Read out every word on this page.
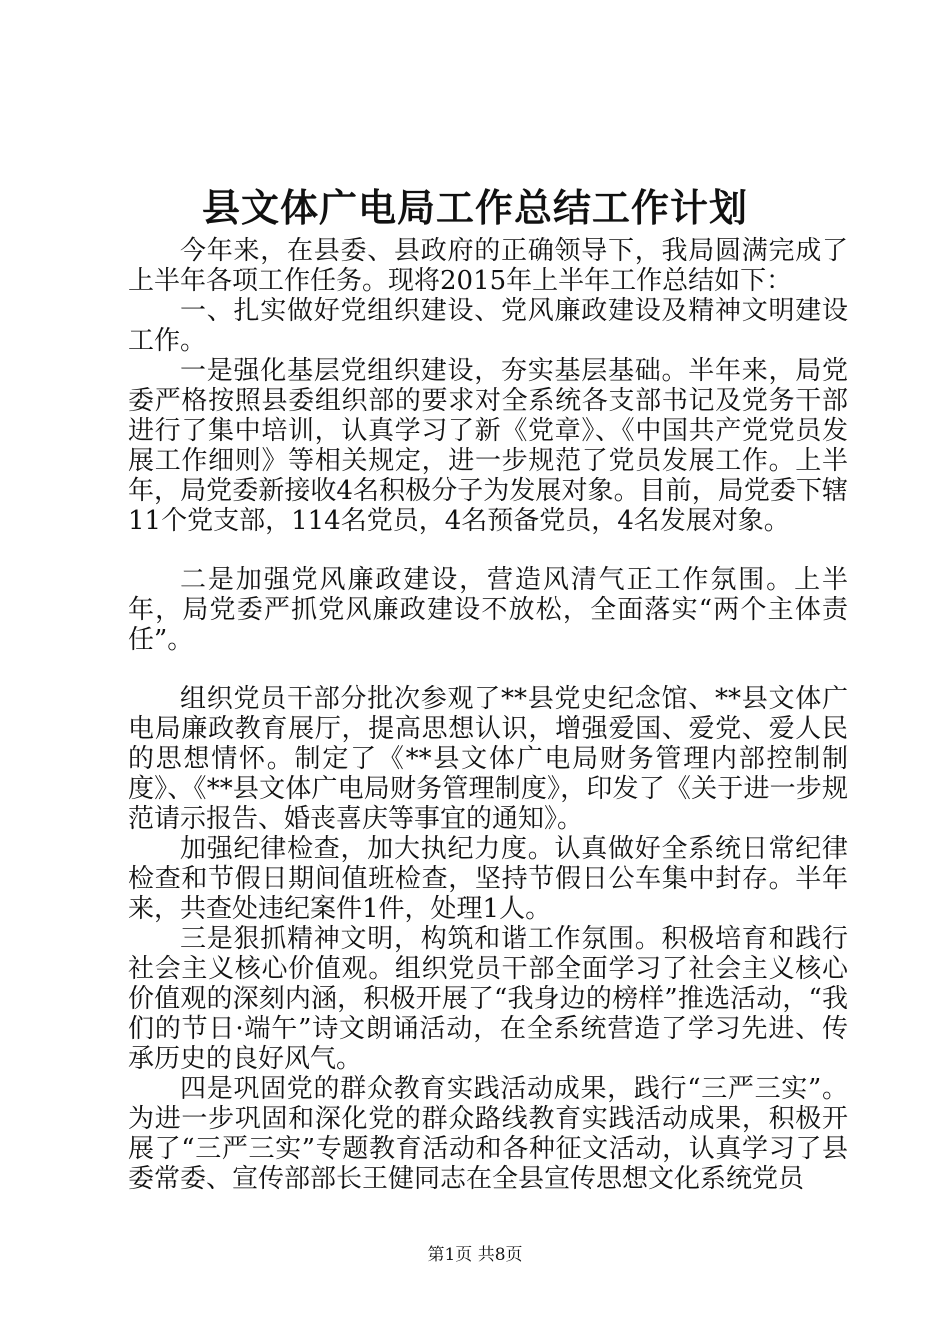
县文体广电局工作总结工作计划

今年来，在县委、县政府的正确领导下，我局圆满完成了上半年各项工作任务。现将2015年上半年工作总结如下：

一、扎实做好党组织建设、党风廉政建设及精神文明建设工作。

一是强化基层党组织建设，夯实基层基础。半年来，局党委严格按照县委组织部的要求对全系统各支部书记及党务干部进行了集中培训，认真学习了新《党章》、《中国共产党党员发展工作细则》等相关规定，进一步规范了党员发展工作。上半年，局党委新接收4名积极分子为发展对象。目前，局党委下辖11个党支部，114名党员，4名预备党员，4名发展对象。

二是加强党风廉政建设，营造风清气正工作氛围。上半年，局党委严抓党风廉政建设不放松，全面落实“两个主体责任”。

组织党员干部分批次参观了**县党史纪念馆、**县文体广电局廉政教育展厅，提高思想认识，增强爱国、爱党、爱人民的思想情怀。制定了《**县文体广电局财务管理内部控制制度》、《**县文体广电局财务管理制度》，印发了《关于进一步规范请示报告、婚丧喜庆等事宜的通知》。

加强纪律检查，加大执纪力度。认真做好全系统日常纪律检查和节假日期间值班检查，坚持节假日公车集中封存。半年来，共查处违纪案件1件，处理1人。

三是狠抓精神文明，构筑和谐工作氛围。积极培育和践行社会主义核心价值观。组织党员干部全面学习了社会主义核心价值观的深刻内涵，积极开展了“我身边的榜样”推选活动，“我们的节日·端午”诗文朗诵活动，在全系统营造了学习先进、传承历史的良好风气。

四是巩固党的群众教育实践活动成果，践行“三严三实”。为进一步巩固和深化党的群众路线教育实践活动成果，积极开展了“三严三实”专题教育活动和各种征文活动，认真学习了县委常委、宣传部部长王健同志在全县宣传思想文化系统党员

第1页 共8页
